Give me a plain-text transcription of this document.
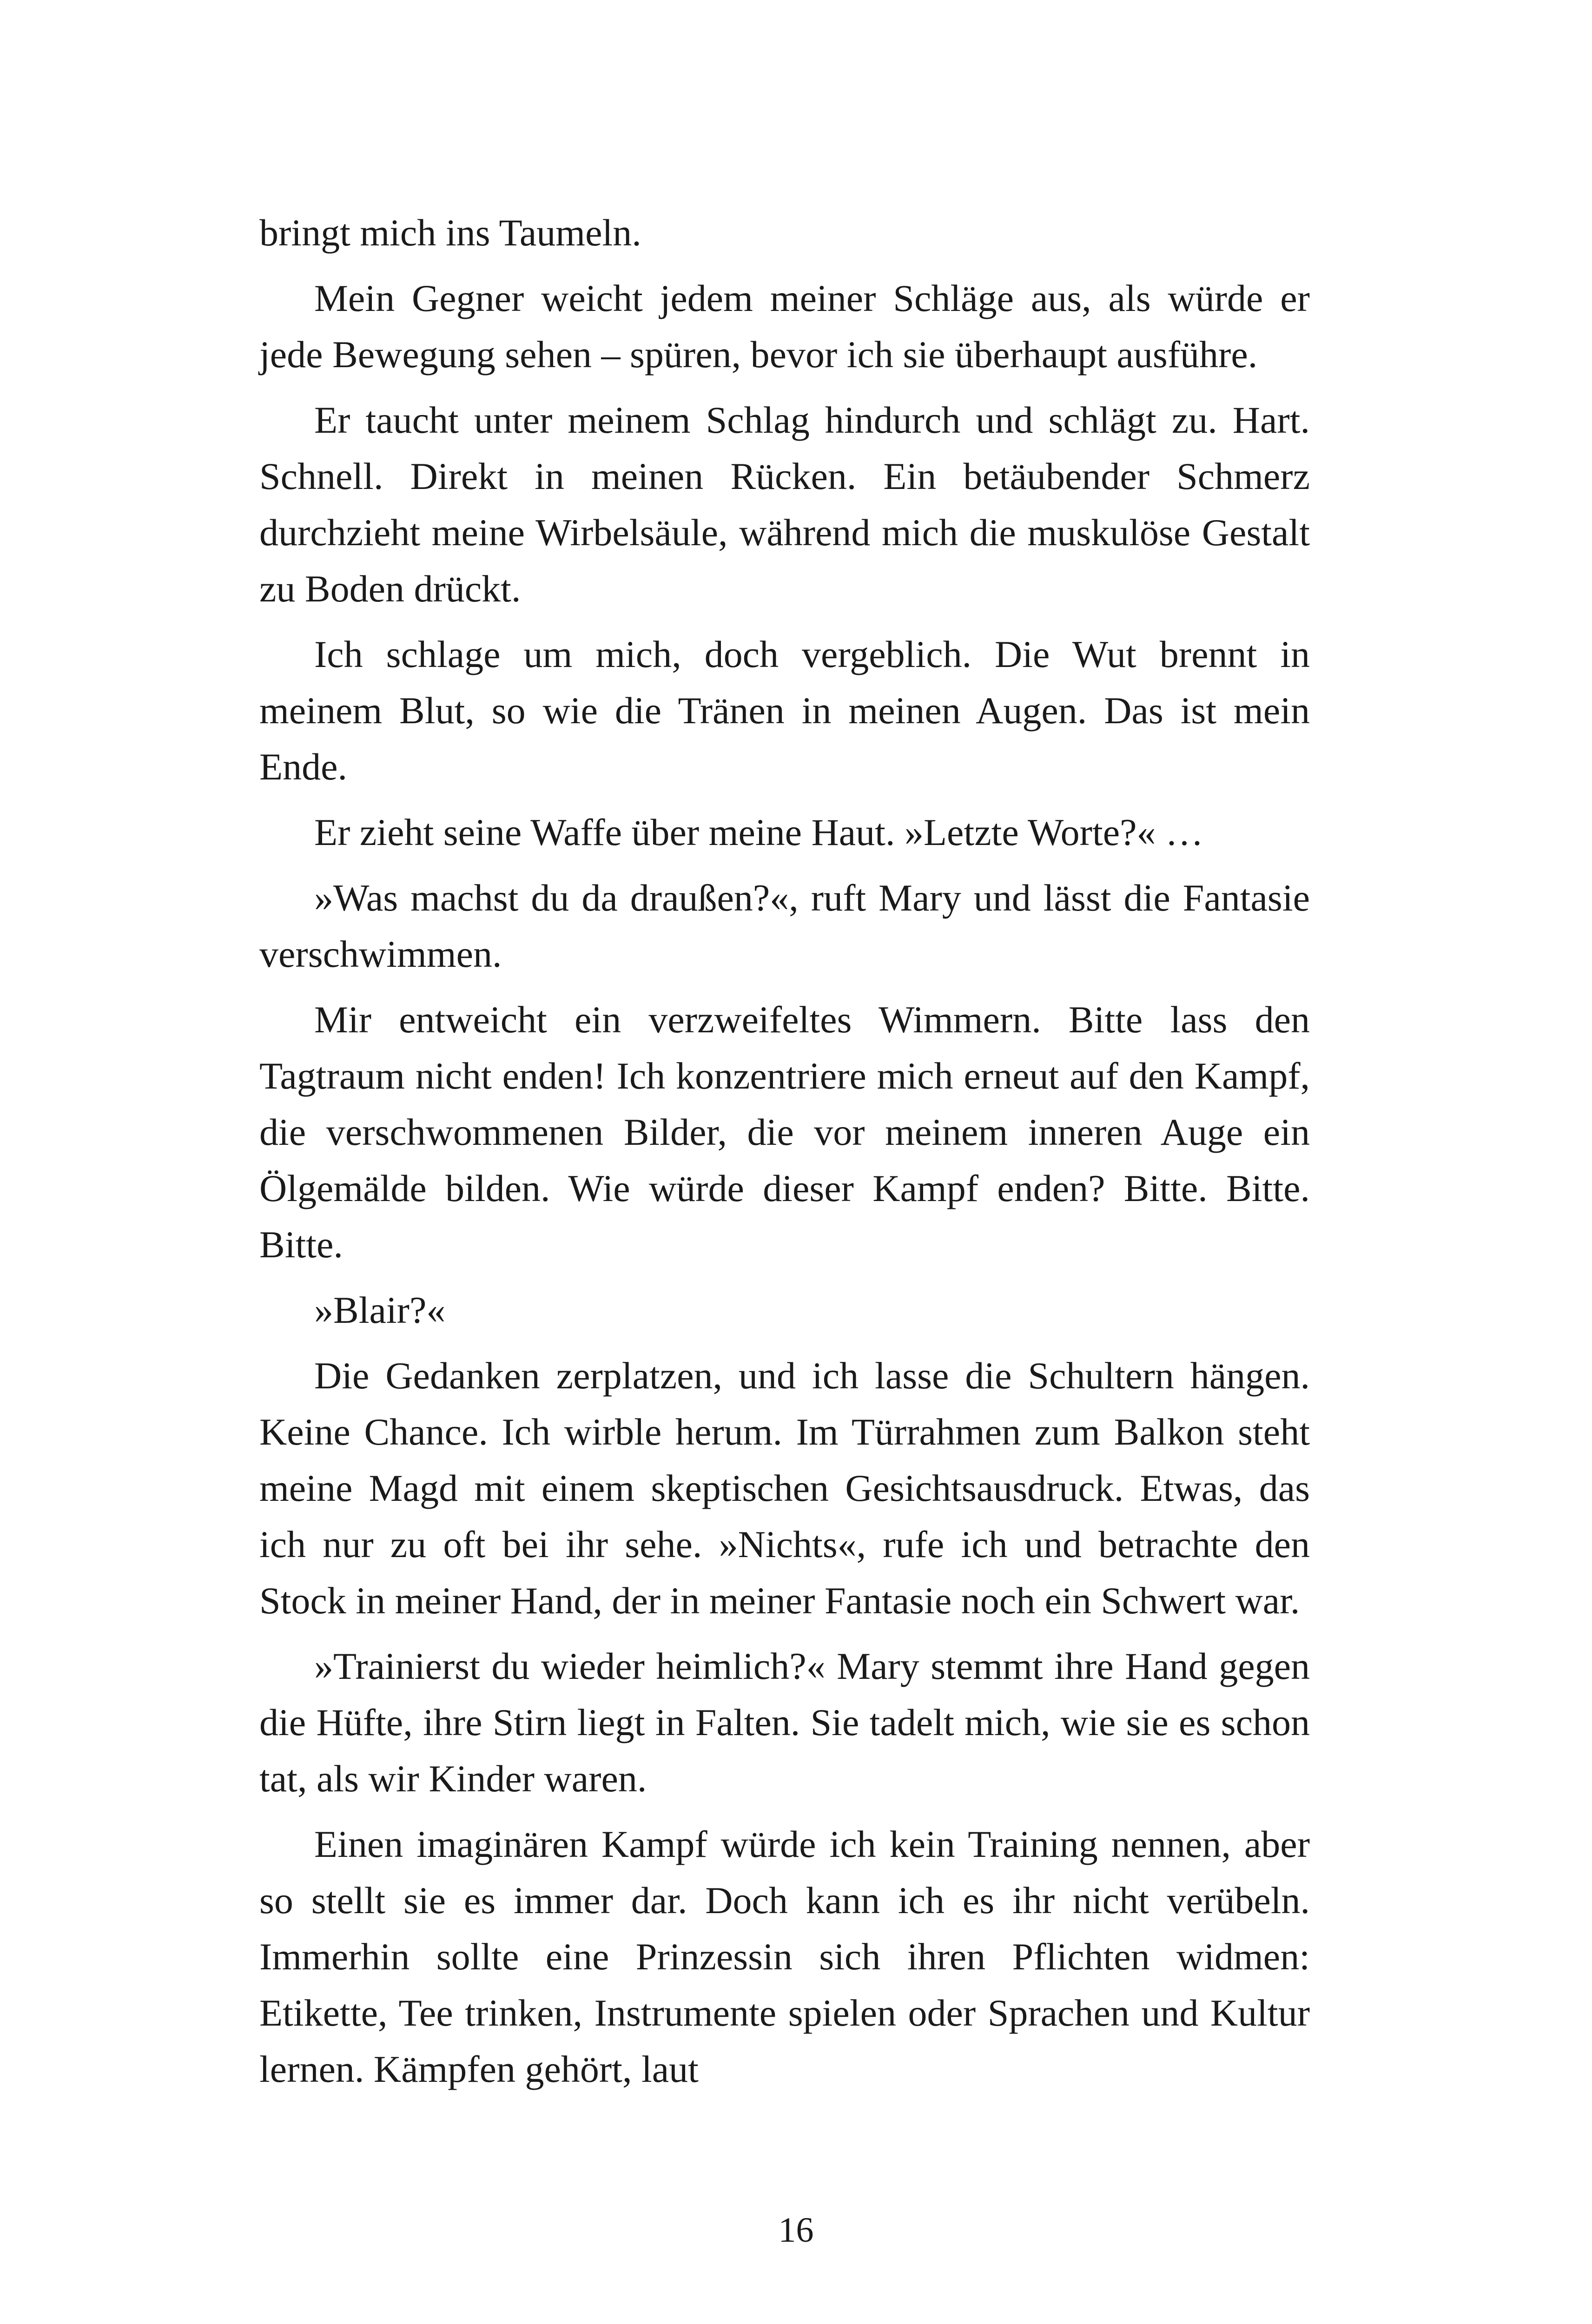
bringt mich ins Taumeln.

Mein Gegner weicht jedem meiner Schläge aus, als würde er jede Bewegung sehen – spüren, bevor ich sie überhaupt ausführe.

Er taucht unter meinem Schlag hindurch und schlägt zu. Hart. Schnell. Direkt in meinen Rücken. Ein betäubender Schmerz durchzieht meine Wirbelsäule, während mich die muskulöse Gestalt zu Boden drückt.

Ich schlage um mich, doch vergeblich. Die Wut brennt in meinem Blut, so wie die Tränen in meinen Augen. Das ist mein Ende.

Er zieht seine Waffe über meine Haut. »Letzte Worte?« …

»Was machst du da draußen?«, ruft Mary und lässt die Fantasie verschwimmen.

Mir entweicht ein verzweifeltes Wimmern. Bitte lass den Tagtraum nicht enden! Ich konzentriere mich erneut auf den Kampf, die verschwommenen Bilder, die vor meinem inneren Auge ein Ölgemälde bilden. Wie würde dieser Kampf enden? Bitte. Bitte. Bitte.

»Blair?«

Die Gedanken zerplatzen, und ich lasse die Schultern hängen. Keine Chance. Ich wirble herum. Im Türrahmen zum Balkon steht meine Magd mit einem skeptischen Gesichtsausdruck. Etwas, das ich nur zu oft bei ihr sehe. »Nichts«, rufe ich und betrachte den Stock in meiner Hand, der in meiner Fantasie noch ein Schwert war.

»Trainierst du wieder heimlich?« Mary stemmt ihre Hand gegen die Hüfte, ihre Stirn liegt in Falten. Sie tadelt mich, wie sie es schon tat, als wir Kinder waren.

Einen imaginären Kampf würde ich kein Training nennen, aber so stellt sie es immer dar. Doch kann ich es ihr nicht verübeln. Immerhin sollte eine Prinzessin sich ihren Pflichten widmen: Etikette, Tee trinken, Instrumente spielen oder Sprachen und Kultur lernen. Kämpfen gehört, laut

16
